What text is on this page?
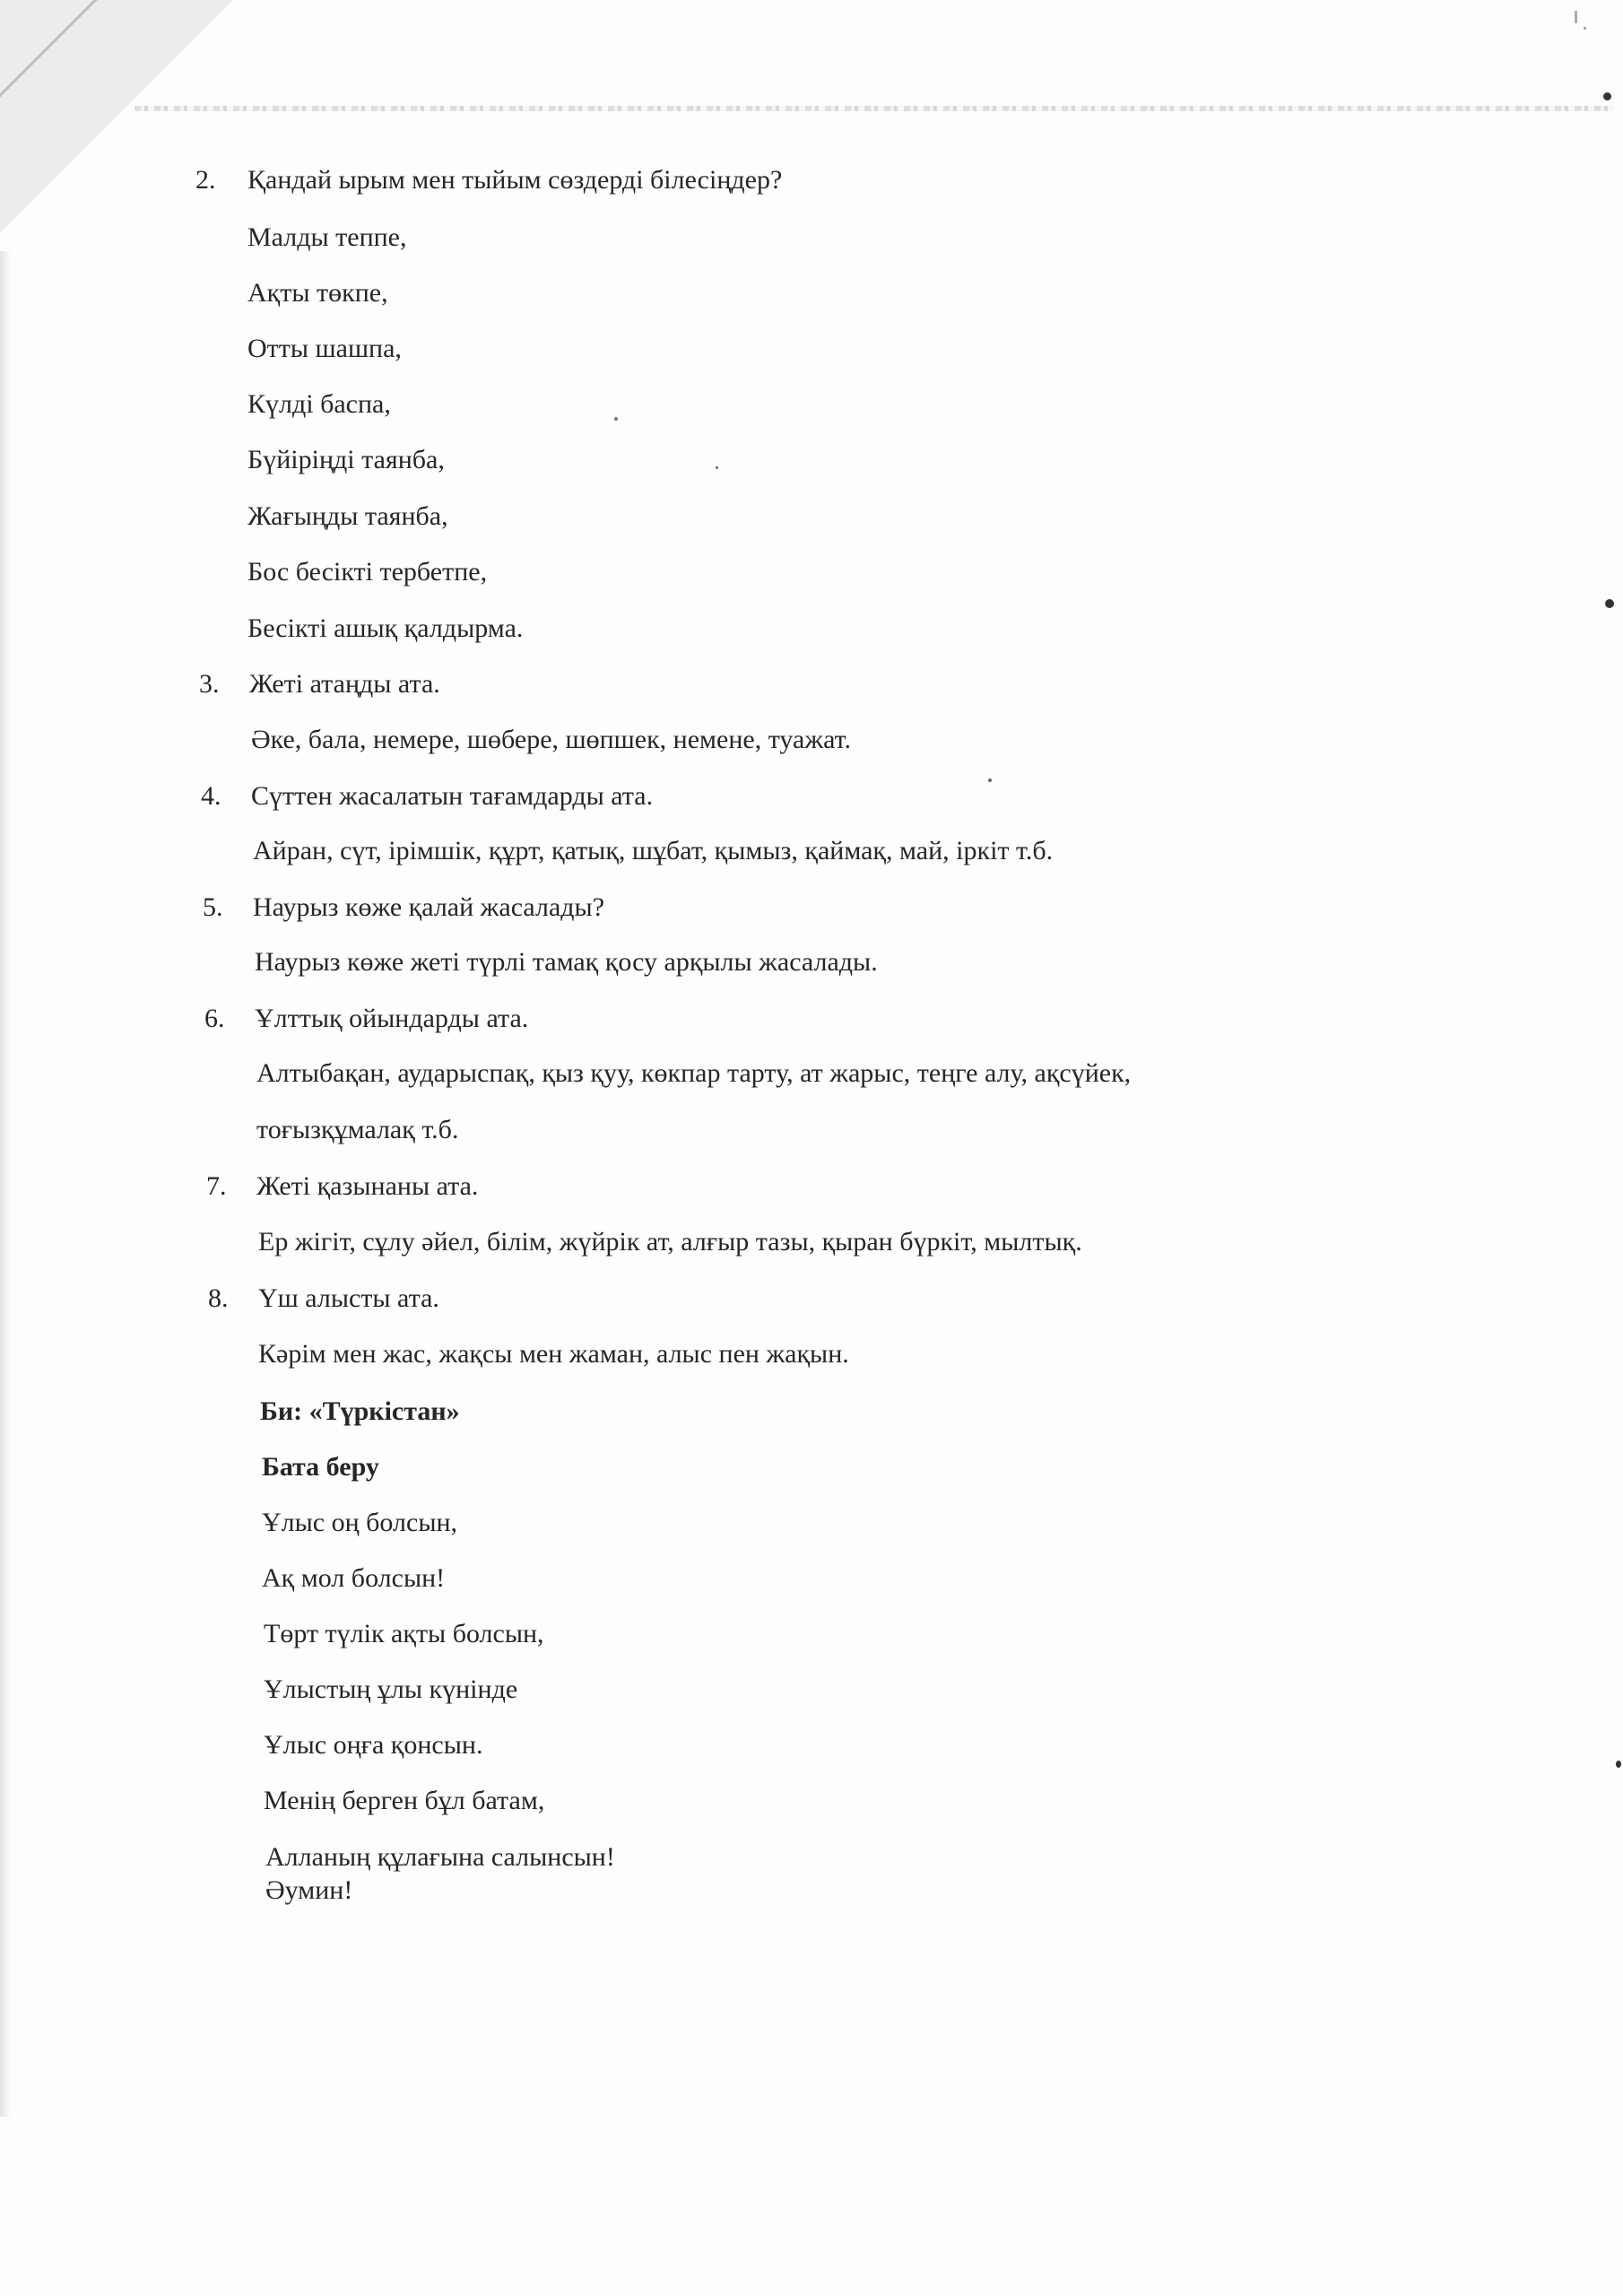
2. Қандай ырым мен тыйым сөздерді білесіңдер?
Малды теппе,
Ақты төкпе,
Отты шашпа,
Күлді баспа,
Бүйіріңді таянба,
Жағыңды таянба,
Бос бесікті тербетпе,
Бесікті ашық қалдырма.
3. Жеті атаңды ата.
Әке, бала, немере, шөбере, шөпшек, немене, туажат.
4. Сүттен жасалатын тағамдарды ата.
Айран, сүт, ірімшік, құрт, қатық, шұбат, қымыз, қаймақ, май, іркіт т.б.
5. Наурыз көже қалай жасалады?
Наурыз көже жеті түрлі тамақ қосу арқылы жасалады.
6. Ұлттық ойындарды ата.
Алтыбақан, аударыспақ, қыз қуу, көкпар тарту, ат жарыс, теңге алу, ақсүйек,
тоғызқұмалақ т.б.
7. Жеті қазынаны ата.
Ер жігіт, сұлу әйел, білім, жүйрік ат, алғыр тазы, қыран бүркіт, мылтық.
8. Үш алысты ата.
Кәрім мен жас, жақсы мен жаман, алыс пен жақын.
Би: «Түркістан»
Бата беру
Ұлыс оң болсын,
Ақ мол болсын!
Төрт түлік ақты болсын,
Ұлыстың ұлы күнінде
Ұлыс оңға қонсын.
Менің берген бұл батам,
Алланың құлағына салынсын!
Әумин!
